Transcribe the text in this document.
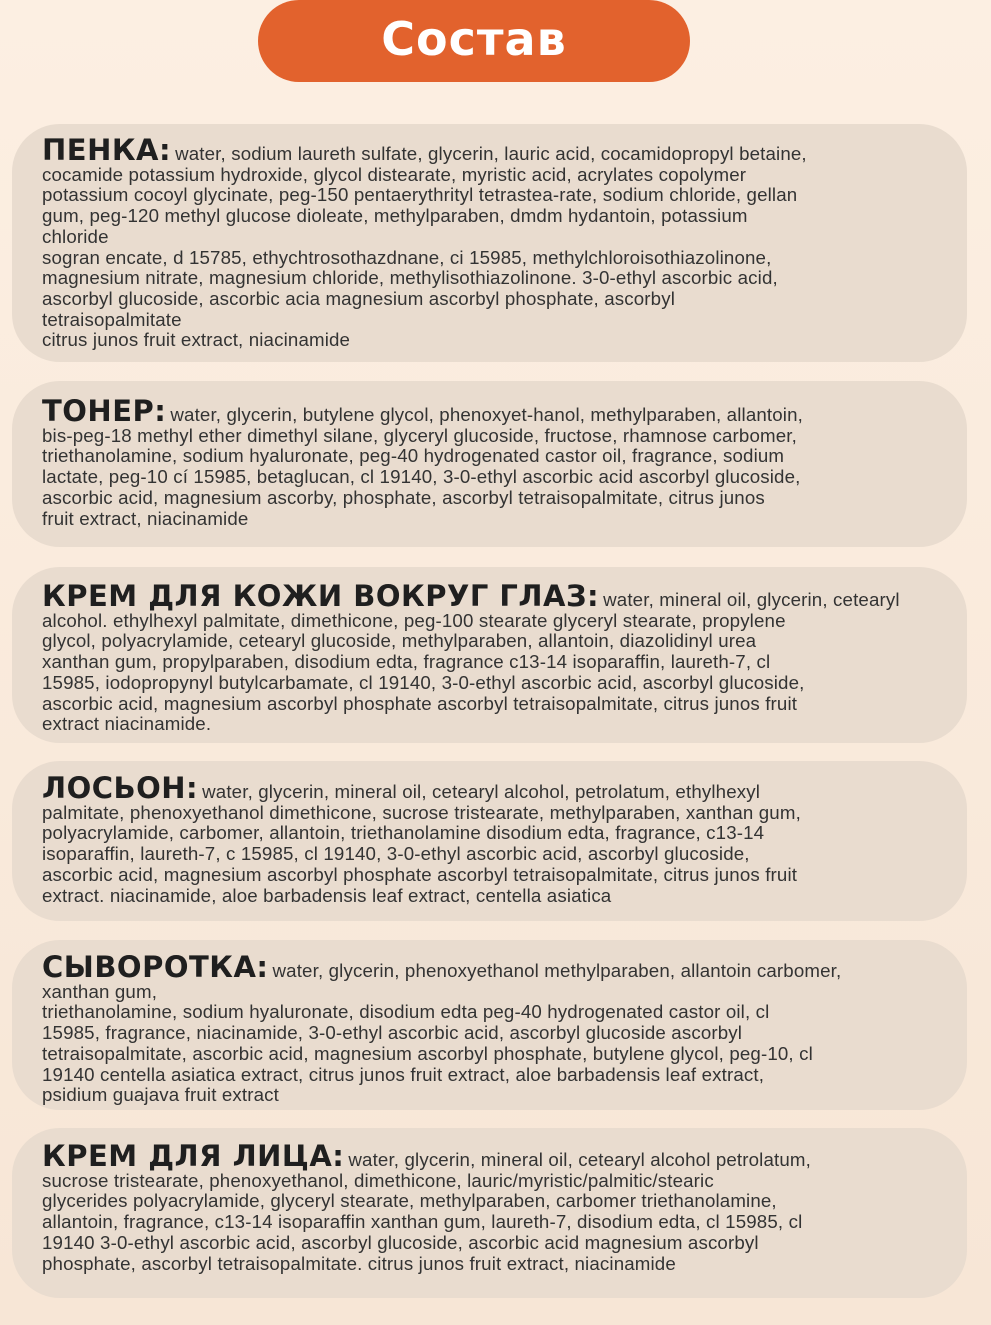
Состав
ПЕНКА: water, sodium laureth sulfate, glycerin, lauric acid, cocamidopropyl betaine,
cocamide potassium hydroxide, glycol distearate, myristic acid, acrylates copolymer
potassium cocoyl glycinate, peg-150 pentaerythrityl tetrastea-rate, sodium chloride, gellan
gum, peg-120 methyl glucose dioleate, methylparaben, dmdm hydantoin, potassium
chloride
sogran encate, d 15785, ethychtrosothazdnane, ci 15985, methylchloroisothiazolinone,
magnesium nitrate, magnesium chloride, methylisothiazolinone. 3-0-ethyl ascorbic acid,
ascorbyl glucoside, ascorbic acia magnesium ascorbyl phosphate, ascorbyl
tetraisopalmitate
citrus junos fruit extract, niacinamide
ТОНЕР: water, glycerin, butylene glycol, phenoxyet-hanol, methylparaben, allantoin,
bis-peg-18 methyl ether dimethyl silane, glyceryl glucoside, fructose, rhamnose carbomer,
triethanolamine, sodium hyaluronate, peg-40 hydrogenated castor oil, fragrance, sodium
lactate, peg-10 cí 15985, betaglucan, cl 19140, 3-0-ethyl ascorbic acid ascorbyl glucoside,
ascorbic acid, magnesium ascorby, phosphate, ascorbyl tetraisopalmitate, citrus junos
fruit extract, niacinamide
КРЕМ ДЛЯ КОЖИ ВОКРУГ ГЛАЗ: water, mineral oil, glycerin, cetearyl
alcohol. ethylhexyl palmitate, dimethicone, peg-100 stearate glyceryl stearate, propylene
glycol, polyacrylamide, cetearyl glucoside, methylparaben, allantoin, diazolidinyl urea
xanthan gum, propylparaben, disodium edta, fragrance c13-14 isoparaffin, laureth-7, cl
15985, iodopropynyl butylcarbamate, cl 19140, 3-0-ethyl ascorbic acid, ascorbyl glucoside,
ascorbic acid, magnesium ascorbyl phosphate ascorbyl tetraisopalmitate, citrus junos fruit
extract niacinamide.
ЛОСЬОН: water, glycerin, mineral oil, cetearyl alcohol, petrolatum, ethylhexyl
palmitate, phenoxyethanol dimethicone, sucrose tristearate, methylparaben, xanthan gum,
polyacrylamide, carbomer, allantoin, triethanolamine disodium edta, fragrance, c13-14
isoparaffin, laureth-7, c 15985, cl 19140, 3-0-ethyl ascorbic acid, ascorbyl glucoside,
ascorbic acid, magnesium ascorbyl phosphate ascorbyl tetraisopalmitate, citrus junos fruit
extract. niacinamide, aloe barbadensis leaf extract, centella asiatica
СЫВОРОТКА: water, glycerin, phenoxyethanol methylparaben, allantoin carbomer,
xanthan gum,
triethanolamine, sodium hyaluronate, disodium edta peg-40 hydrogenated castor oil, cl
15985, fragrance, niacinamide, 3-0-ethyl ascorbic acid, ascorbyl glucoside ascorbyl
tetraisopalmitate, ascorbic acid, magnesium ascorbyl phosphate, butylene glycol, peg-10, cl
19140 centella asiatica extract, citrus junos fruit extract, aloe barbadensis leaf extract,
psidium guajava fruit extract
КРЕМ ДЛЯ ЛИЦА: water, glycerin, mineral oil, cetearyl alcohol petrolatum,
sucrose tristearate, phenoxyethanol, dimethicone, lauric/myristic/palmitic/stearic
glycerides polyacrylamide, glyceryl stearate, methylparaben, carbomer triethanolamine,
allantoin, fragrance, c13-14 isoparaffin xanthan gum, laureth-7, disodium edta, cl 15985, cl
19140 3-0-ethyl ascorbic acid, ascorbyl glucoside, ascorbic acid magnesium ascorbyl
phosphate, ascorbyl tetraisopalmitate. citrus junos fruit extract, niacinamide
